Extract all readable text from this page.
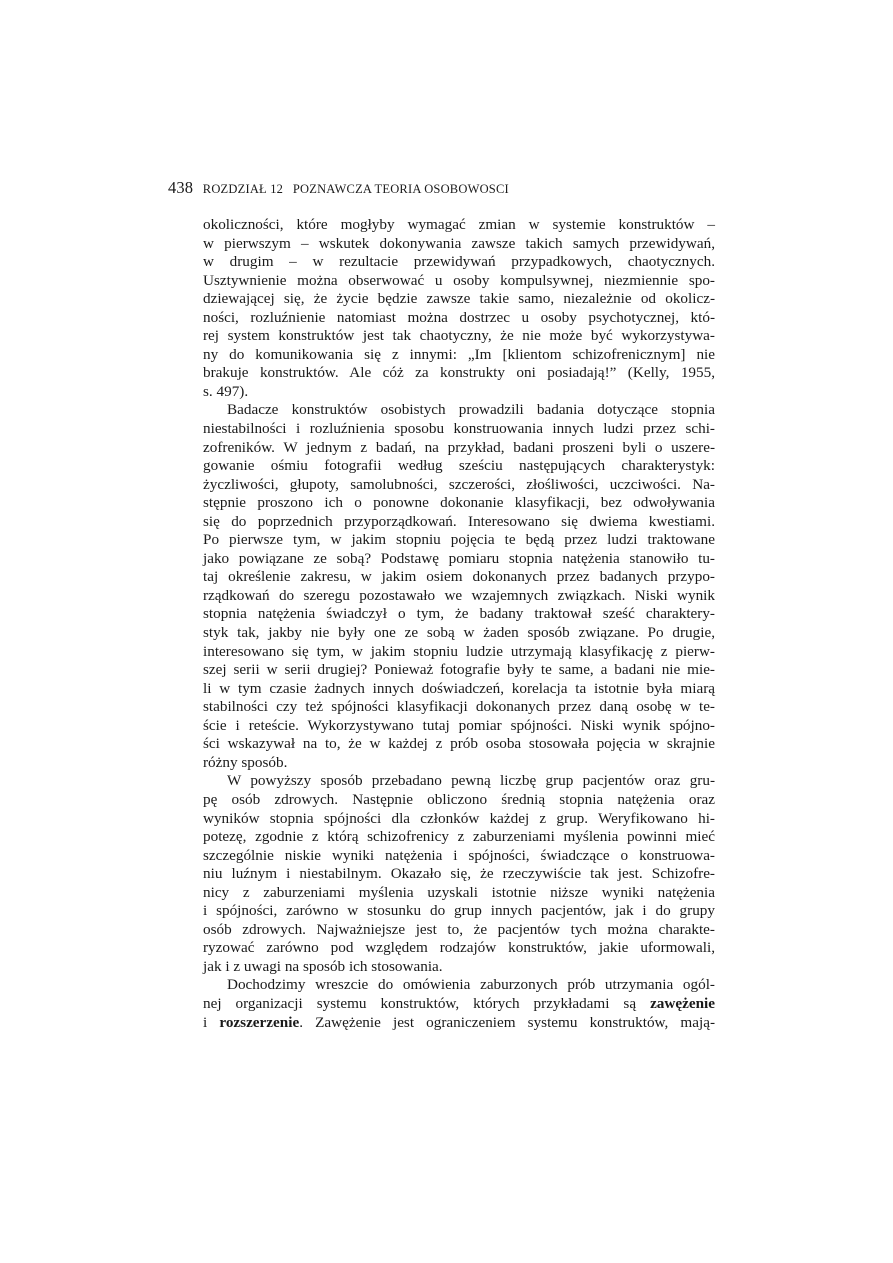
438 ROZDZIAŁ 12 POZNAWCZA TEORIA OSOBOWOSCI
okoliczności, które mogłyby wymagać zmian w systemie konstruktów –
w pierwszym – wskutek dokonywania zawsze takich samych przewidywań,
w drugim – w rezultacie przewidywań przypadkowych, chaotycznych.
Usztywnienie można obserwować u osoby kompulsywnej, niezmiennie spo-
dziewającej się, że życie będzie zawsze takie samo, niezależnie od okolicz-
ności, rozluźnienie natomiast można dostrzec u osoby psychotycznej, któ-
rej system konstruktów jest tak chaotyczny, że nie może być wykorzystywa-
ny do komunikowania się z innymi: „Im [klientom schizofrenicznym] nie
brakuje konstruktów. Ale cóż za konstrukty oni posiadają!” (Kelly, 1955,
s. 497).
Badacze konstruktów osobistych prowadzili badania dotyczące stopnia
niestabilności i rozluźnienia sposobu konstruowania innych ludzi przez schi-
zofreników. W jednym z badań, na przykład, badani proszeni byli o uszere-
gowanie ośmiu fotografii według sześciu następujących charakterystyk:
życzliwości, głupoty, samolubności, szczerości, złośliwości, uczciwości. Na-
stępnie proszono ich o ponowne dokonanie klasyfikacji, bez odwoływania
się do poprzednich przyporządkowań. Interesowano się dwiema kwestiami.
Po pierwsze tym, w jakim stopniu pojęcia te będą przez ludzi traktowane
jako powiązane ze sobą? Podstawę pomiaru stopnia natężenia stanowiło tu-
taj określenie zakresu, w jakim osiem dokonanych przez badanych przypo-
rządkowań do szeregu pozostawało we wzajemnych związkach. Niski wynik
stopnia natężenia świadczył o tym, że badany traktował sześć charaktery-
styk tak, jakby nie były one ze sobą w żaden sposób związane. Po drugie,
interesowano się tym, w jakim stopniu ludzie utrzymają klasyfikację z pierw-
szej serii w serii drugiej? Ponieważ fotografie były te same, a badani nie mie-
li w tym czasie żadnych innych doświadczeń, korelacja ta istotnie była miarą
stabilności czy też spójności klasyfikacji dokonanych przez daną osobę w te-
ście i reteście. Wykorzystywano tutaj pomiar spójności. Niski wynik spójno-
ści wskazywał na to, że w każdej z prób osoba stosowała pojęcia w skrajnie
różny sposób.
W powyższy sposób przebadano pewną liczbę grup pacjentów oraz gru-
pę osób zdrowych. Następnie obliczono średnią stopnia natężenia oraz
wyników stopnia spójności dla członków każdej z grup. Weryfikowano hi-
potezę, zgodnie z którą schizofrenicy z zaburzeniami myślenia powinni mieć
szczególnie niskie wyniki natężenia i spójności, świadczące o konstruowa-
niu luźnym i niestabilnym. Okazało się, że rzeczywiście tak jest. Schizofre-
nicy z zaburzeniami myślenia uzyskali istotnie niższe wyniki natężenia
i spójności, zarówno w stosunku do grup innych pacjentów, jak i do grupy
osób zdrowych. Najważniejsze jest to, że pacjentów tych można charakte-
ryzować zarówno pod względem rodzajów konstruktów, jakie uformowali,
jak i z uwagi na sposób ich stosowania.
Dochodzimy wreszcie do omówienia zaburzonych prób utrzymania ogól-
nej organizacji systemu konstruktów, których przykładami są zawężenie
i rozszerzenie. Zawężenie jest ograniczeniem systemu konstruktów, mają-
